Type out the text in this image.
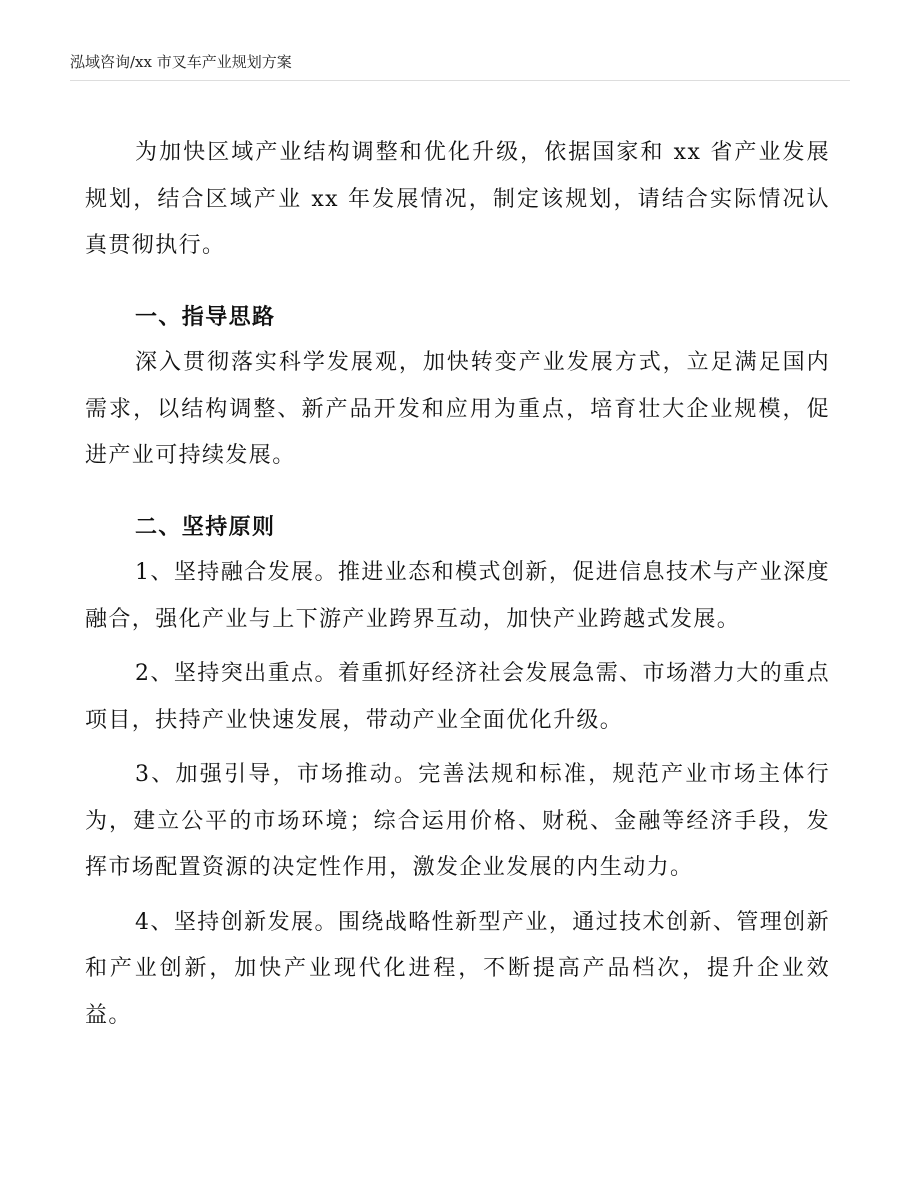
泓域咨询/xx 市叉车产业规划方案

为加快区域产业结构调整和优化升级，依据国家和 xx 省产业发展规划，结合区域产业 xx 年发展情况，制定该规划，请结合实际情况认真贯彻执行。

一、指导思路

深入贯彻落实科学发展观，加快转变产业发展方式，立足满足国内需求，以结构调整、新产品开发和应用为重点，培育壮大企业规模，促进产业可持续发展。

二、坚持原则

1、坚持融合发展。推进业态和模式创新，促进信息技术与产业深度融合，强化产业与上下游产业跨界互动，加快产业跨越式发展。

2、坚持突出重点。着重抓好经济社会发展急需、市场潜力大的重点项目，扶持产业快速发展，带动产业全面优化升级。

3、加强引导，市场推动。完善法规和标准，规范产业市场主体行为，建立公平的市场环境；综合运用价格、财税、金融等经济手段，发挥市场配置资源的决定性作用，激发企业发展的内生动力。

4、坚持创新发展。围绕战略性新型产业，通过技术创新、管理创新和产业创新，加快产业现代化进程，不断提高产品档次，提升企业效益。
